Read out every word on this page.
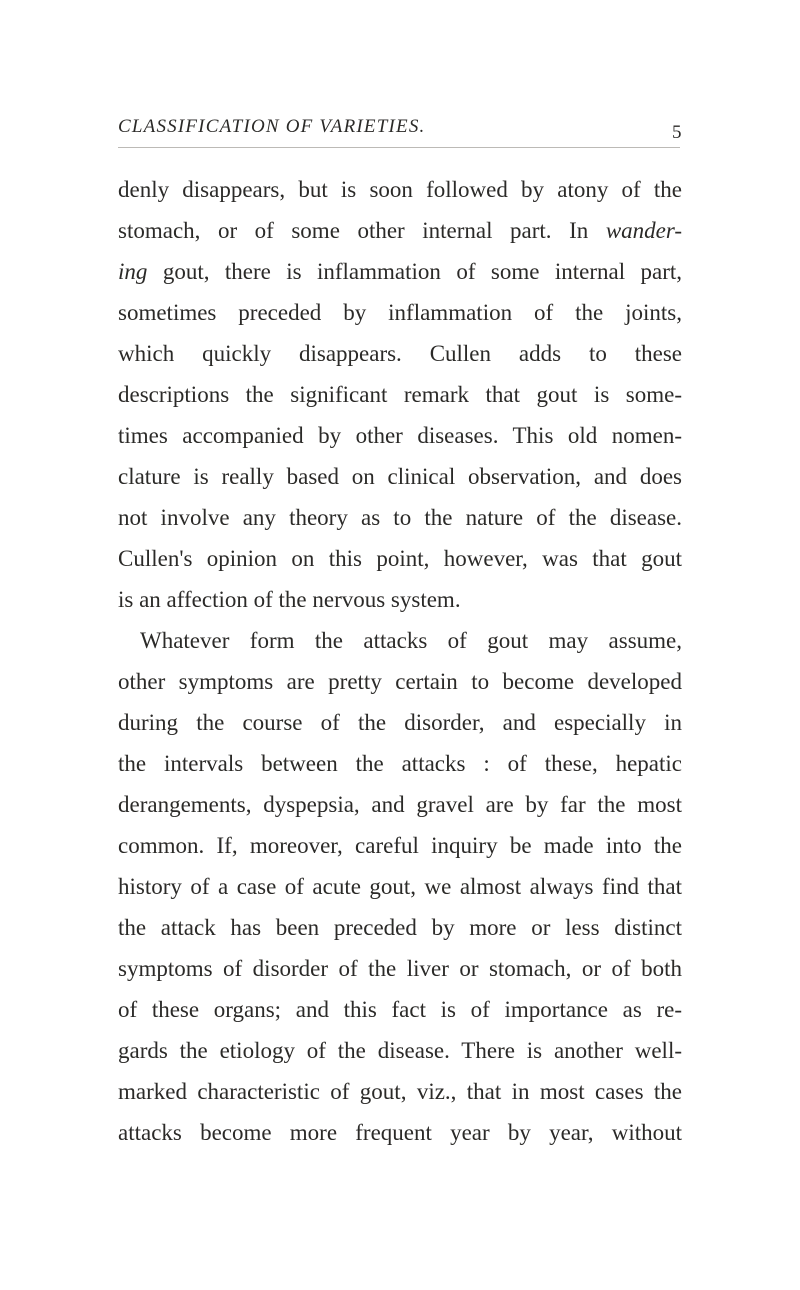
CLASSIFICATION OF VARIETIES.	5
denly disappears, but is soon followed by atony of the
stomach, or of some other internal part. In wander-
ing gout, there is inflammation of some internal part,
sometimes preceded by inflammation of the joints,
which quickly disappears. Cullen adds to these
descriptions the significant remark that gout is some-
times accompanied by other diseases. This old nomen-
clature is really based on clinical observation, and does
not involve any theory as to the nature of the disease.
Cullen's opinion on this point, however, was that gout
is an affection of the nervous system.
Whatever form the attacks of gout may assume,
other symptoms are pretty certain to become developed
during the course of the disorder, and especially in
the intervals between the attacks : of these, hepatic
derangements, dyspepsia, and gravel are by far the most
common. If, moreover, careful inquiry be made into the
history of a case of acute gout, we almost always find that
the attack has been preceded by more or less distinct
symptoms of disorder of the liver or stomach, or of both
of these organs; and this fact is of importance as re-
gards the etiology of the disease. There is another well-
marked characteristic of gout, viz., that in most cases the
attacks become more frequent year by year, without
